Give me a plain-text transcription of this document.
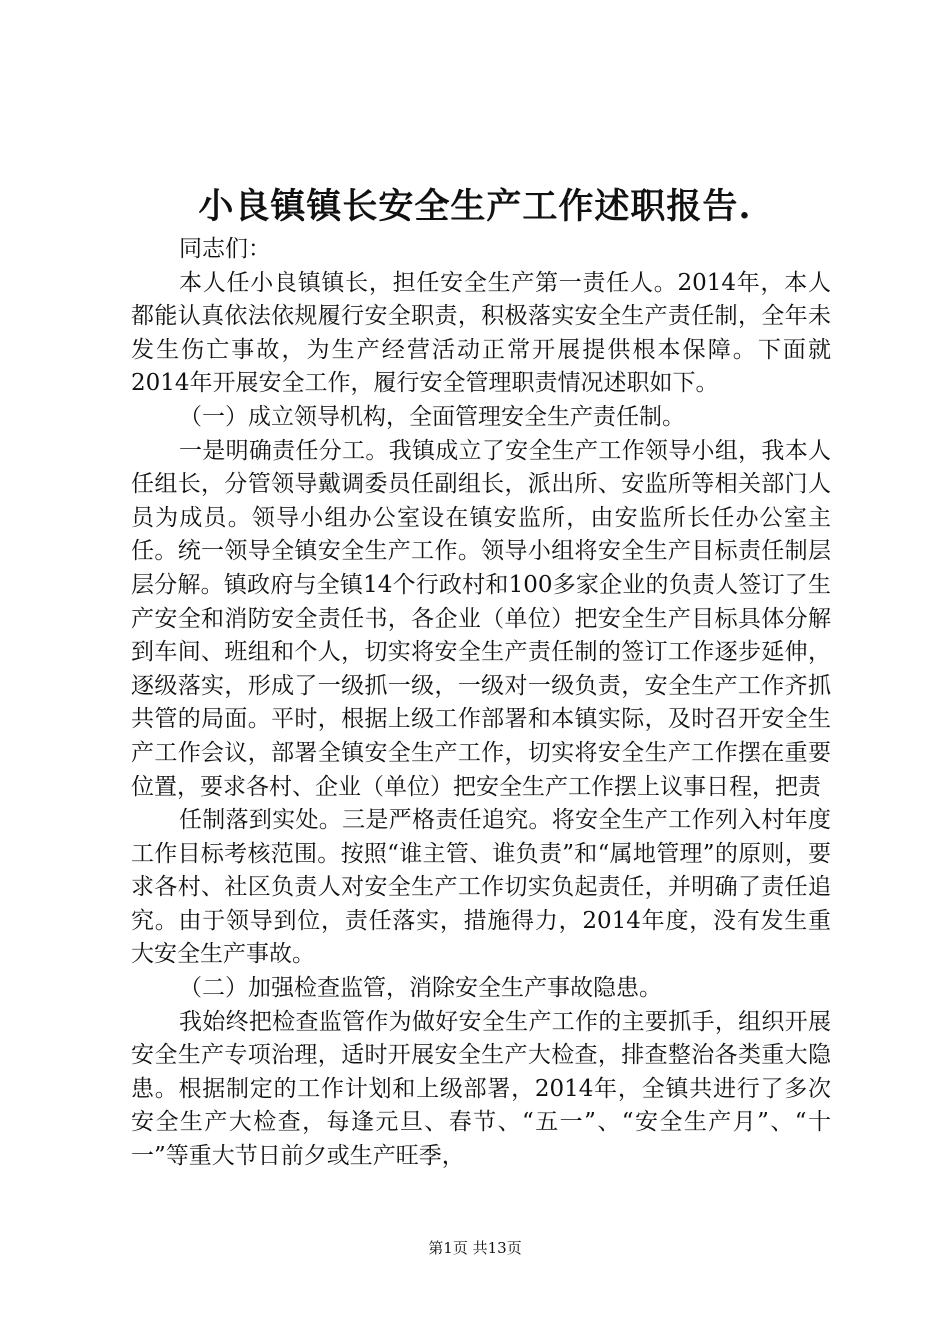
小良镇镇长安全生产工作述职报告.

同志们：

本人任小良镇镇长，担任安全生产第一责任人。2014年，本人都能认真依法依规履行安全职责，积极落实安全生产责任制，全年未发生伤亡事故，为生产经营活动正常开展提供根本保障。下面就2014年开展安全工作，履行安全管理职责情况述职如下。

（一）成立领导机构，全面管理安全生产责任制。

一是明确责任分工。我镇成立了安全生产工作领导小组，我本人任组长，分管领导戴调委员任副组长，派出所、安监所等相关部门人员为成员。领导小组办公室设在镇安监所，由安监所长任办公室主任。统一领导全镇安全生产工作。领导小组将安全生产目标责任制层层分解。镇政府与全镇14个行政村和100多家企业的负责人签订了生产安全和消防安全责任书，各企业（单位）把安全生产目标具体分解到车间、班组和个人，切实将安全生产责任制的签订工作逐步延伸，逐级落实，形成了一级抓一级，一级对一级负责，安全生产工作齐抓共管的局面。平时，根据上级工作部署和本镇实际，及时召开安全生产工作会议，部署全镇安全生产工作，切实将安全生产工作摆在重要位置，要求各村、企业（单位）把安全生产工作摆上议事日程，把责

任制落到实处。三是严格责任追究。将安全生产工作列入村年度工作目标考核范围。按照“谁主管、谁负责”和“属地管理”的原则，要求各村、社区负责人对安全生产工作切实负起责任，并明确了责任追究。由于领导到位，责任落实，措施得力，2014年度，没有发生重大安全生产事故。

（二）加强检查监管，消除安全生产事故隐患。

我始终把检查监管作为做好安全生产工作的主要抓手，组织开展安全生产专项治理，适时开展安全生产大检查，排查整治各类重大隐患。根据制定的工作计划和上级部署，2014年，全镇共进行了多次安全生产大检查，每逢元旦、春节、“五一”、“安全生产月”、“十一”等重大节日前夕或生产旺季，

第1页 共13页
